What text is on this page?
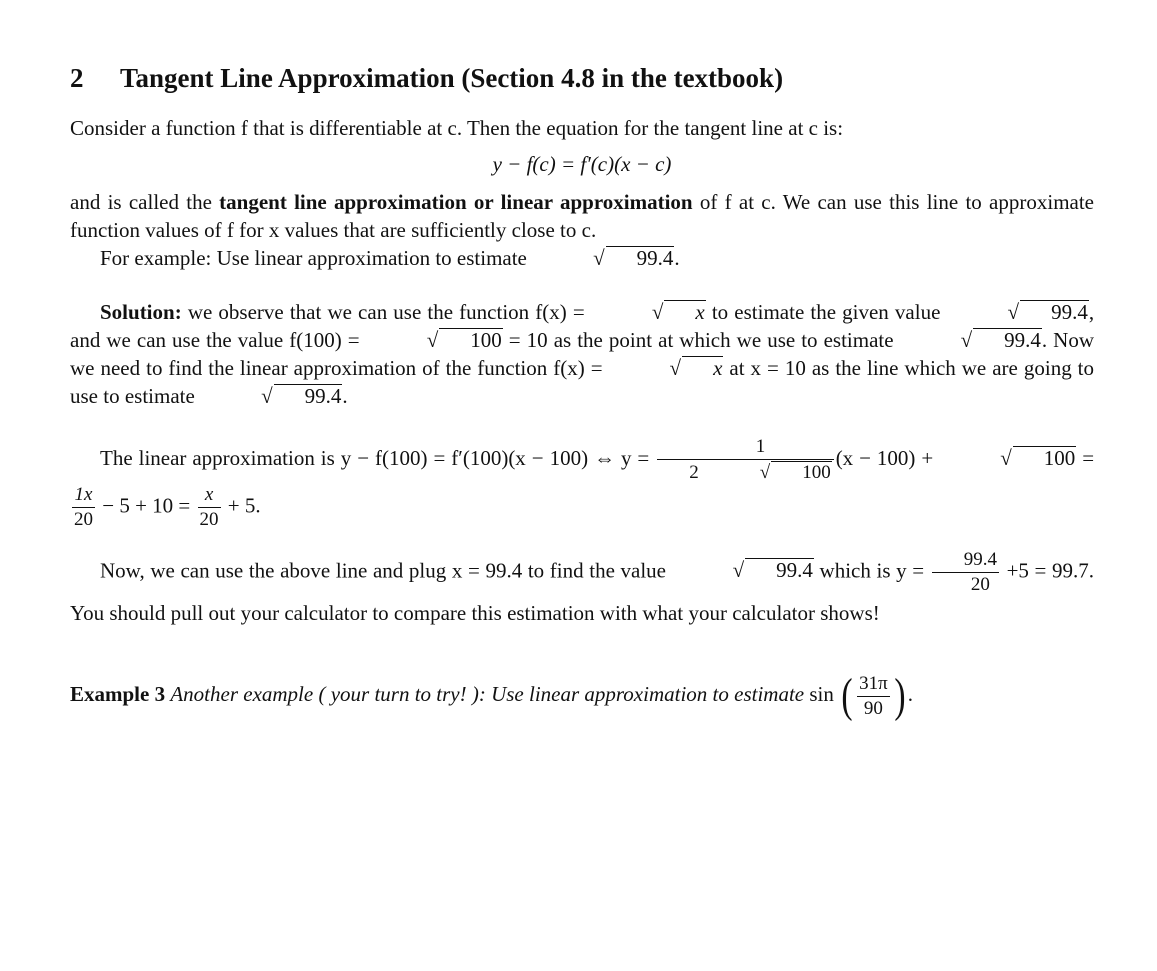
2 Tangent Line Approximation (Section 4.8 in the textbook)

Consider a function f that is differentiable at c. Then the equation for the tangent line at c is:

y − f(c) = f′(c)(x − c)

and is called the tangent line approximation or linear approximation of f at c. We can use this line to approximate function values of f for x values that are sufficiently close to c.

For example: Use linear approximation to estimate	√ 99.4.

Solution: we observe that we can use the function f(x) =	√ x to estimate the given value	√ 99.4, and we can use the value f(100) =	√ 100 = 10 as the point at which we use to estimate	√ 99.4. Now we need to find the linear approximation of the function f(x) =	√ x at x = 10 as the line which we are going to use to estimate	√ 99.4.

The linear approximation is y − f(100) = f′(100)(x − 100) ⇔ y = 1
2	√ 100 (x − 100) +	√ 100 =
$\frac{1x}{20} - 5 + 10 = \frac{x}{20} + 5$.

Now, we can use the above line and plug x = 99.4 to find the value	√ 99.4 which is $y = \frac{99.4}{20} +5 = 99.7$. You should pull out your calculator to compare this estimation with what your calculator shows!

Example 3 Another example ( your turn to try! ): Use linear approximation to estimate sin ( $\frac{31\pi}{90}$ ) .
